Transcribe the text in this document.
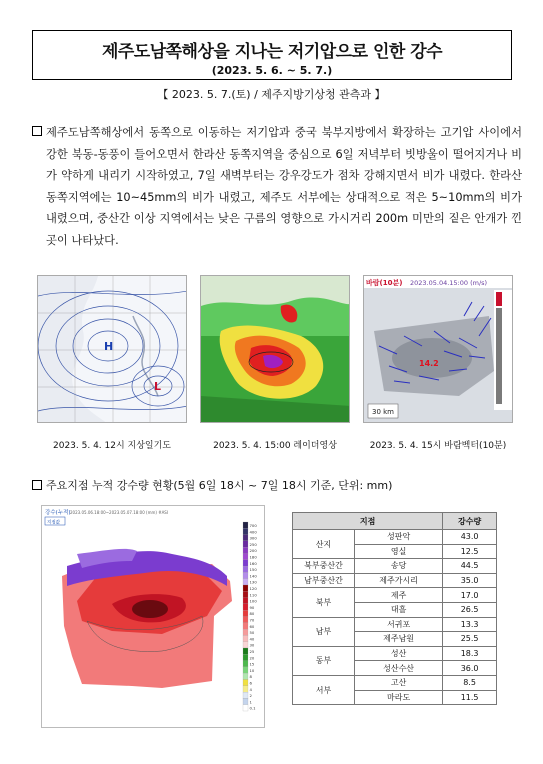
제주도남쪽해상을 지나는 저기압으로 인한 강수
(2023. 5. 6. ~ 5. 7.)
【 2023. 5. 7.(토) / 제주지방기상청 관측과 】
제주도남쪽해상에서 동쪽으로 이동하는 저기압과 중국 북부지방에서 확장하는 고기압 사이에서 강한 북동-동풍이 들어오면서 한라산 동쪽지역을 중심으로 6일 저녁부터 빗방울이 떨어지거나 비가 약하게 내리기 시작하였고, 7일 새벽부터는 강우강도가 점차 강해지면서 비가 내렸다. 한라산 동쪽지역에는 10~45mm의 비가 내렸고, 제주도 서부에는 상대적으로 적은 5~10mm의 비가 내렸으며, 중산간 이상 지역에서는 낮은 구름의 영향으로 가시거리 200m 미만의 짙은 안개가 낀 곳이 나타났다.
H
L
바람(10분) 2023.05.04.15:00 (m/s)
14.2
30 km
2023. 5. 4. 12시 지상일기도	2023. 5. 4. 15:00 레이더영상	2023. 5. 4. 15시 바람벡터(10분)
주요지점 누적 강수량 현황(5월 6일 18시 ~ 7일 18시 기준, 단위: mm)
강수(누적) 2023.05.06.18:00~2023.05.07.18:00 (mm) #ASI
지점값	700
400
300
250
200
180
160
150
140
130
120
110
100
90
80
70
60
50
40
30
25
20
15
10
8
6
4
2
1
0.1
지점		강수량
산지	성판악	43.0
	영실	12.5
북부중산간	송당	44.5
남부중산간	제주가시리	35.0
북부	제주	17.0
	대흘	26.5
남부	서귀포	13.3
	제주남원	25.5
동부	성산	18.3
	성산수산	36.0
서부	고산	8.5
	마라도	11.5
